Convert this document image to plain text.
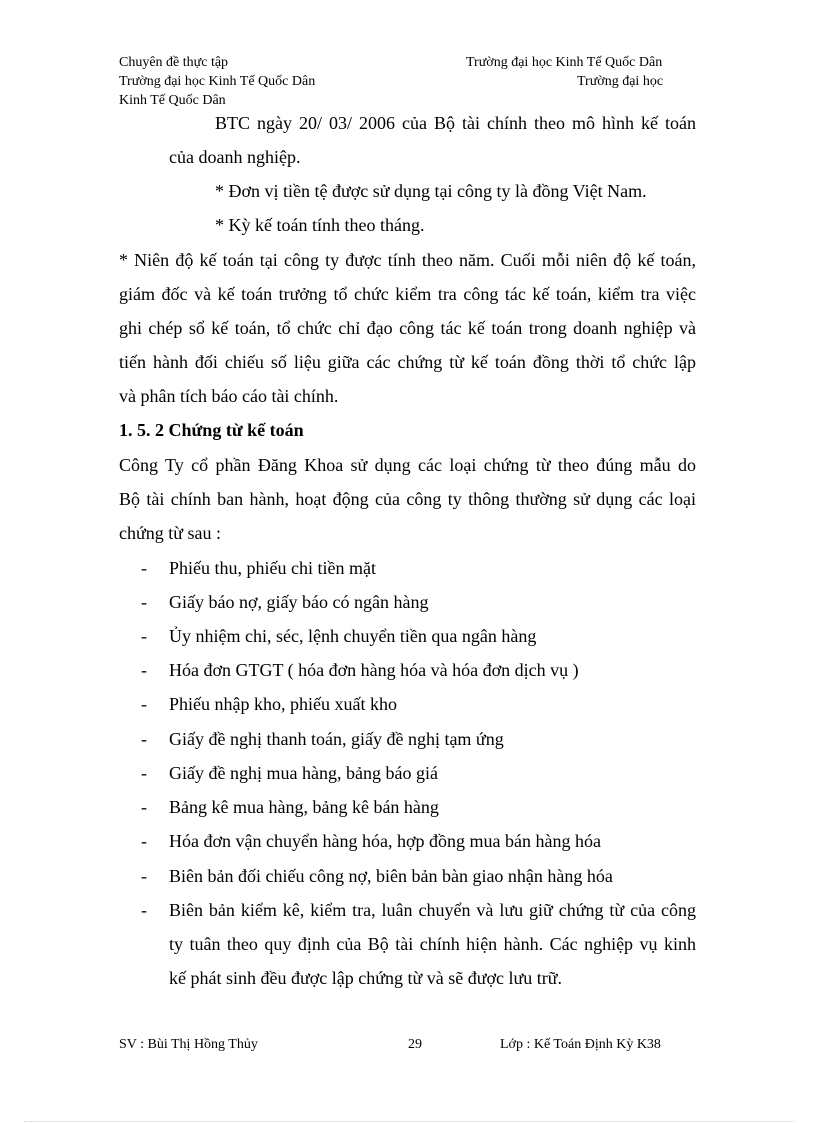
Chuyên đề thực tập	Trường đại học Kinh Tế Quốc Dân
Trường đại học Kinh Tế Quốc Dân	Trường đại học
Kinh Tế Quốc Dân
BTC ngày 20/ 03/ 2006 của Bộ tài chính theo mô hình kế toán
của doanh nghiệp.
* Đơn vị tiền tệ được sử dụng tại công ty là đồng Việt Nam.
* Kỳ kế toán tính theo tháng.
* Niên độ kế toán tại công ty được tính theo năm. Cuối mỗi niên độ kế toán,
giám đốc và kế toán trưởng tổ chức kiểm tra công tác kế toán, kiểm tra việc
ghi chép sổ kế toán, tổ chức chỉ đạo công tác kế toán trong doanh nghiệp và
tiến hành đối chiếu số liệu giữa các chứng từ kế toán đồng thời tổ chức lập
và phân tích báo cáo tài chính.
1. 5. 2 Chứng từ kế toán
Công Ty cổ phần Đăng Khoa sử dụng các loại chứng từ theo đúng mẫu do
Bộ tài chính ban hành, hoạt động của công ty thông thường sử dụng các loại
chứng từ sau :
- Phiếu thu, phiếu chi tiền mặt
- Giấy báo nợ, giấy báo có ngân hàng
- Ủy nhiệm chi, séc, lệnh chuyển tiền qua ngân hàng
- Hóa đơn GTGT ( hóa đơn hàng hóa và hóa đơn dịch vụ )
- Phiếu nhập kho, phiếu xuất kho
- Giấy đề nghị thanh toán, giấy đề nghị tạm ứng
- Giấy đề nghị mua hàng, bảng báo giá
- Bảng kê mua hàng, bảng kê bán hàng
- Hóa đơn vận chuyển hàng hóa, hợp đồng mua bán hàng hóa
- Biên bản đối chiếu công nợ, biên bản bàn giao nhận hàng hóa
- Biên bản kiểm kê, kiểm tra, luân chuyển và lưu giữ chứng từ của công
ty tuân theo quy định của Bộ tài chính hiện hành. Các nghiệp vụ kinh
kế phát sinh đều được lập chứng từ và sẽ được lưu trữ.
SV : Bùi Thị Hồng Thủy	29	Lớp : Kế Toán Định Kỳ K38
